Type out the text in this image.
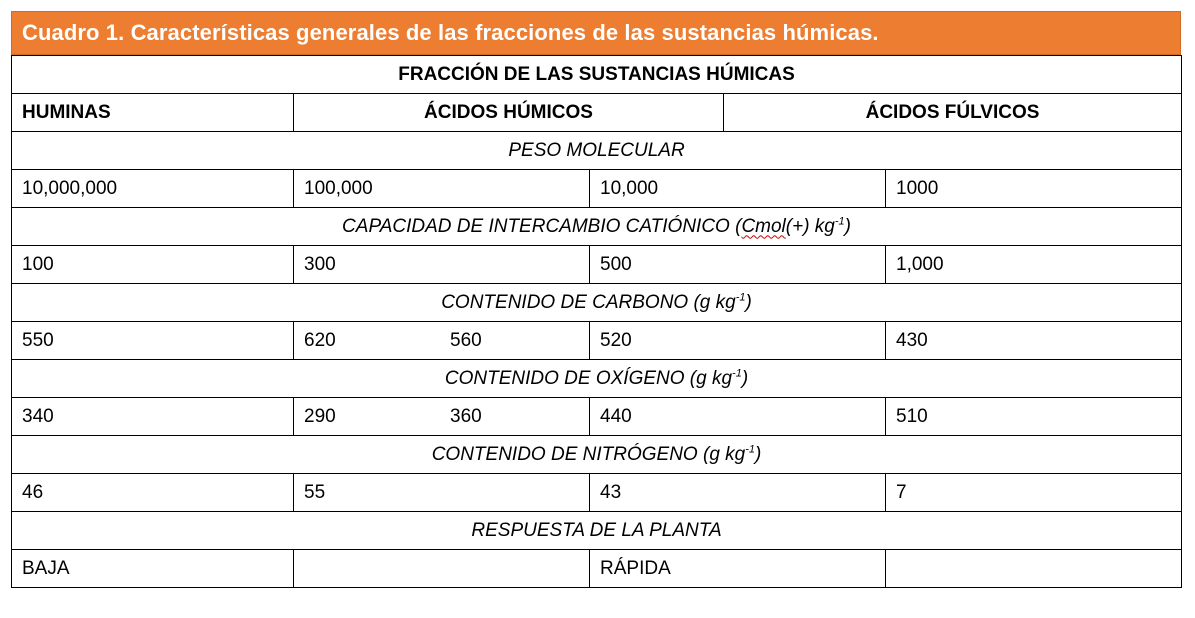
Cuadro 1. Características generales de las fracciones de las sustancias húmicas.
FRACCIÓN DE LAS SUSTANCIAS HÚMICAS				
HUMINAS	ÁCIDOS HÚMICOS		ÁCIDOS FÚLVICOS	
PESO MOLECULAR				
10,000,000	100,000	10,000		1000
CAPACIDAD DE INTERCAMBIO CATIÓNICO (Cmol(+) $kg^{-1}$)				
100	300	500		1,000
CONTENIDO DE CARBONO (g $kg^{-1}$)				
550	620 560	520		430
CONTENIDO DE OXÍGENO (g $kg^{-1}$)				
340	290 360	440		510
CONTENIDO DE NITRÓGENO (g $kg^{-1}$)				
46	55	43		7
RESPUESTA DE LA PLANTA				
BAJA		RÁPIDA		
